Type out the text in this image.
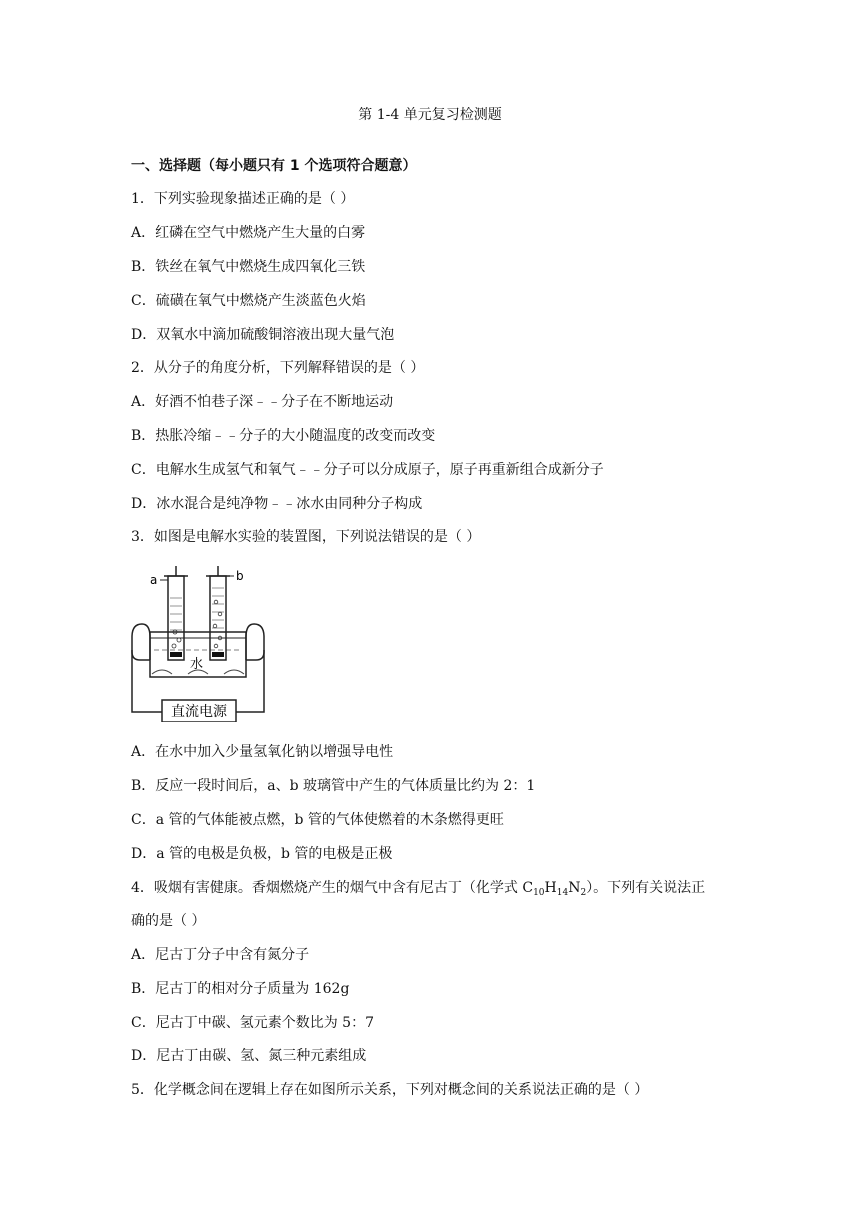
第 1-4 单元复习检测题
一、选择题（每小题只有 1 个选项符合题意）
1．下列实验现象描述正确的是（ ）
A．红磷在空气中燃烧产生大量的白雾
B．铁丝在氧气中燃烧生成四氧化三铁
C．硫磺在氧气中燃烧产生淡蓝色火焰
D．双氧水中滴加硫酸铜溶液出现大量气泡
2．从分子的角度分析，下列解释错误的是（ ）
A．好酒不怕巷子深﹣﹣分子在不断地运动
B．热胀冷缩﹣﹣分子的大小随温度的改变而改变
C．电解水生成氢气和氧气﹣﹣分子可以分成原子，原子再重新组合成新分子
D．冰水混合是纯净物﹣﹣冰水由同种分子构成
3．如图是电解水实验的装置图，下列说法错误的是（ ）
a	b
水
直流电源
A．在水中加入少量氢氧化钠以增强导电性
B．反应一段时间后，a、b 玻璃管中产生的气体质量比约为 2：1
C．a 管的气体能被点燃，b 管的气体使燃着的木条燃得更旺
D．a 管的电极是负极，b 管的电极是正极
4．吸烟有害健康。香烟燃烧产生的烟气中含有尼古丁（化学式 $C_{10}H_{14}N_2$）。下列有关说法正
确的是（ ）
A．尼古丁分子中含有氮分子
B．尼古丁的相对分子质量为 162g
C．尼古丁中碳、氢元素个数比为 5：7
D．尼古丁由碳、氢、氮三种元素组成
5．化学概念间在逻辑上存在如图所示关系，下列对概念间的关系说法正确的是（ ）
